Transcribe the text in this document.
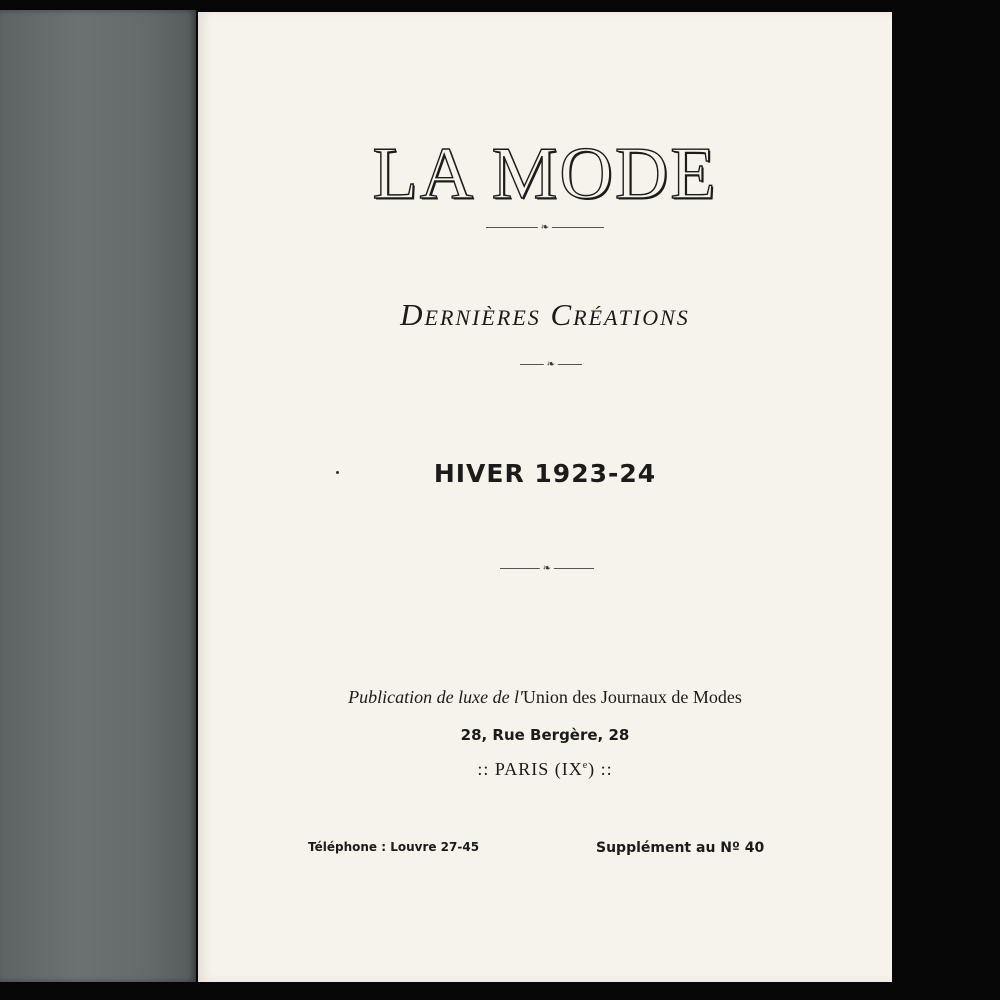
LA MODE
❧
Dernières Créations
❧
HIVER 1923-24
❧
Publication de luxe de l'Union des Journaux de Modes
28, Rue Bergère, 28
:: PARIS (IXe) ::
Téléphone : Louvre 27-45	Supplément au Nº 40
